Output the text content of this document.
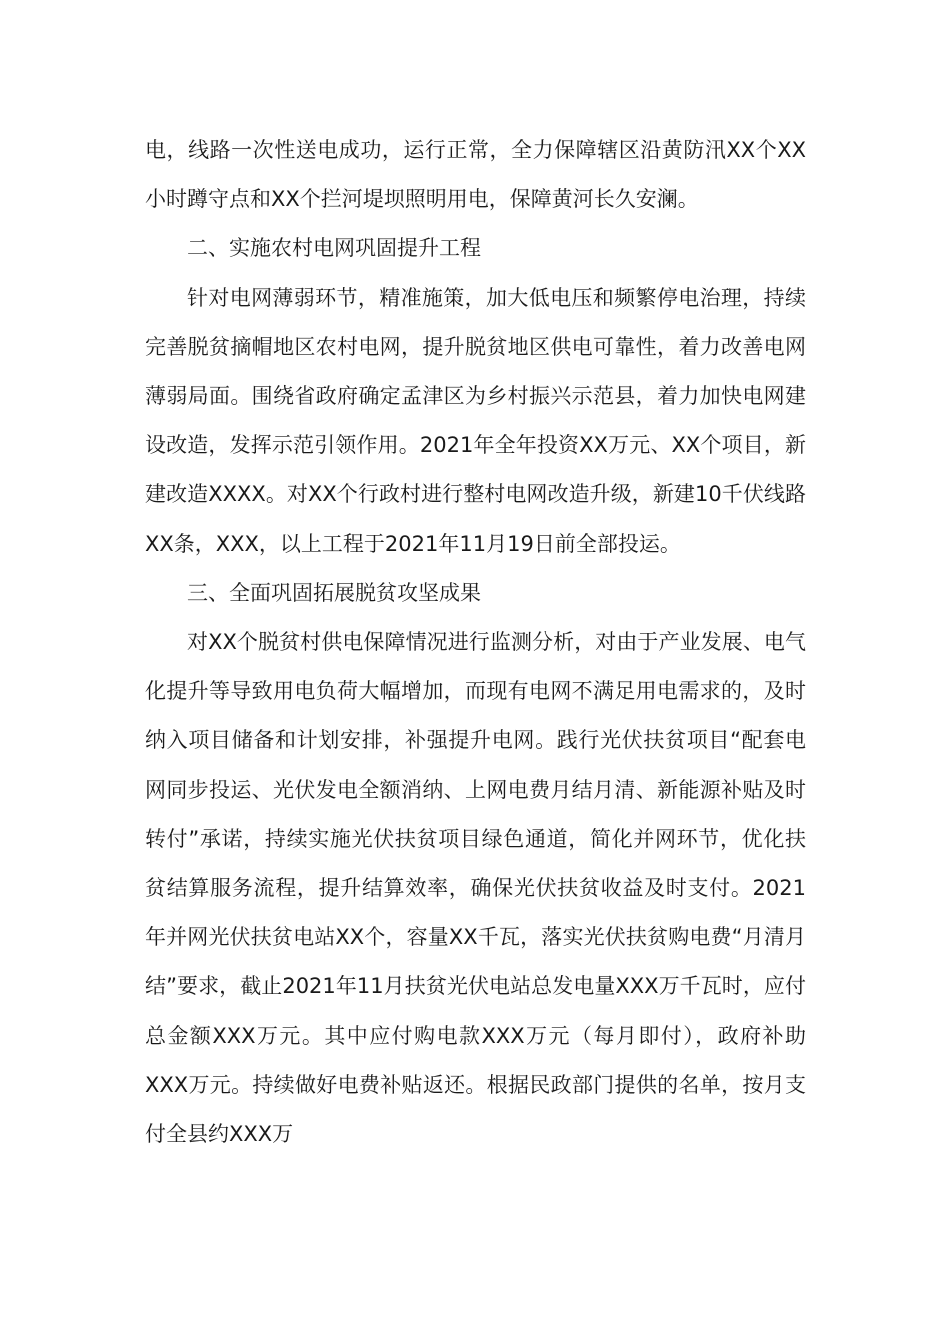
电，线路一次性送电成功，运行正常，全力保障辖区沿黄防汛XX个XX小时蹲守点和XX个拦河堤坝照明用电，保障黄河长久安澜。

二、实施农村电网巩固提升工程

针对电网薄弱环节，精准施策，加大低电压和频繁停电治理，持续完善脱贫摘帽地区农村电网，提升脱贫地区供电可靠性，着力改善电网薄弱局面。围绕省政府确定孟津区为乡村振兴示范县，着力加快电网建设改造，发挥示范引领作用。2021年全年投资XX万元、XX个项目，新建改造XXXX。对XX个行政村进行整村电网改造升级，新建10千伏线路XX条，XXX，以上工程于2021年11月19日前全部投运。

三、全面巩固拓展脱贫攻坚成果

对XX个脱贫村供电保障情况进行监测分析，对由于产业发展、电气化提升等导致用电负荷大幅增加，而现有电网不满足用电需求的，及时纳入项目储备和计划安排，补强提升电网。践行光伏扶贫项目“配套电网同步投运、光伏发电全额消纳、上网电费月结月清、新能源补贴及时转付”承诺，持续实施光伏扶贫项目绿色通道，简化并网环节，优化扶贫结算服务流程，提升结算效率，确保光伏扶贫收益及时支付。2021年并网光伏扶贫电站XX个，容量XX千瓦，落实光伏扶贫购电费“月清月结”要求，截止2021年11月扶贫光伏电站总发电量XXX万千瓦时，应付总金额XXX万元。其中应付购电款XXX万元（每月即付），政府补助XXX万元。持续做好电费补贴返还。根据民政部门提供的名单，按月支付全县约XXX万
